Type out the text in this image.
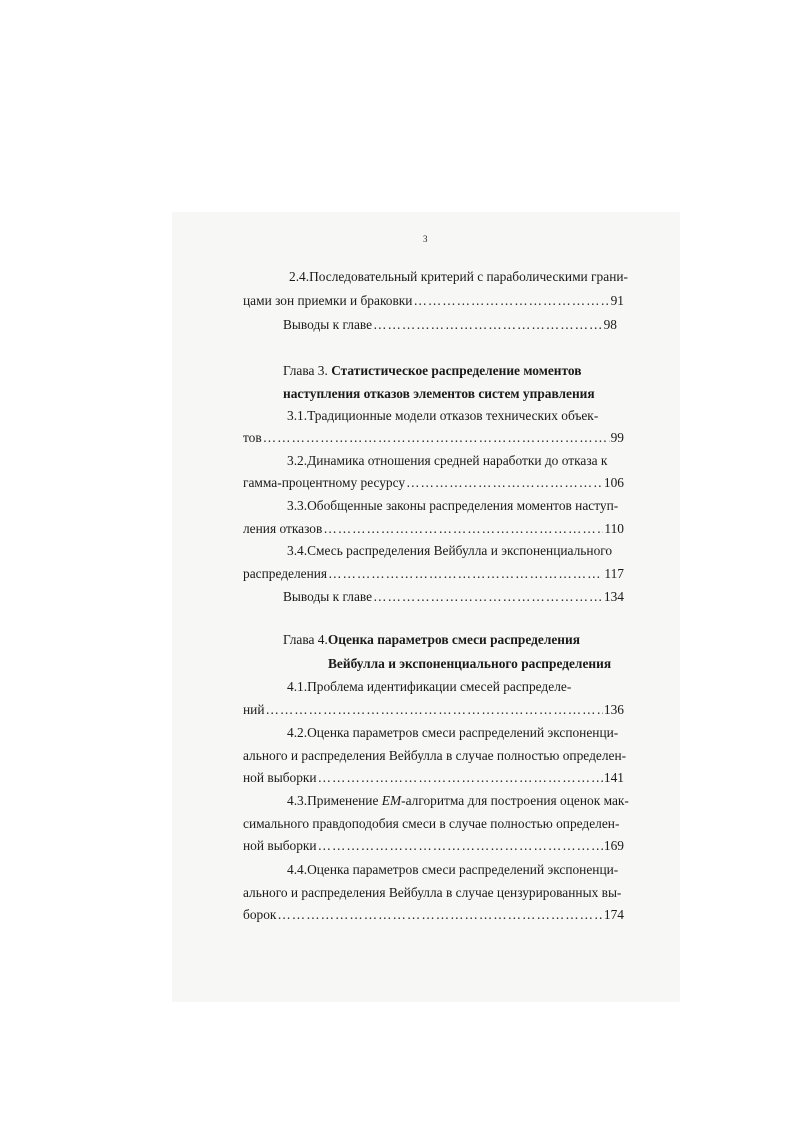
3
2.4.Последовательный критерий с параболическими грани-
цами зон приемки и браковки ………………………………………………………………………………………………………………………………………………	91
Выводы к главе ………………………………………………………………………………………………………………………………………………	98
Глава 3. Статистическое распределение моментов
наступления отказов элементов систем управления
3.1.Традиционные модели отказов технических объек-
тов ………………………………………………………………………………………………………………………………………………	99
3.2.Динамика отношения средней наработки до отказа к
гамма-процентному ресурсу ………………………………………………………………………………………………………………………………………………	106
3.3.Обобщенные законы распределения моментов наступ-
ления отказов ………………………………………………………………………………………………………………………………………………	110
3.4.Смесь распределения Вейбулла и экспоненциального
распределения ………………………………………………………………………………………………………………………………………………	117
Выводы к главе ………………………………………………………………………………………………………………………………………………	134
Глава 4.Оценка параметров смеси распределения
Вейбулла и экспоненциального распределения
4.1.Проблема идентификации смесей распределе-
ний ………………………………………………………………………………………………………………………………………………	136
4.2.Оценка параметров смеси распределений экспоненци-
ального и распределения Вейбулла в случае полностью определен-
ной выборки ………………………………………………………………………………………………………………………………………………	141
4.3.Применение EM-алгоритма для построения оценок мак-
симального правдоподобия смеси в случае полностью определен-
ной выборки ………………………………………………………………………………………………………………………………………………	169
4.4.Оценка параметров смеси распределений экспоненци-
ального и распределения Вейбулла в случае цензурированных вы-
борок ………………………………………………………………………………………………………………………………………………	174
